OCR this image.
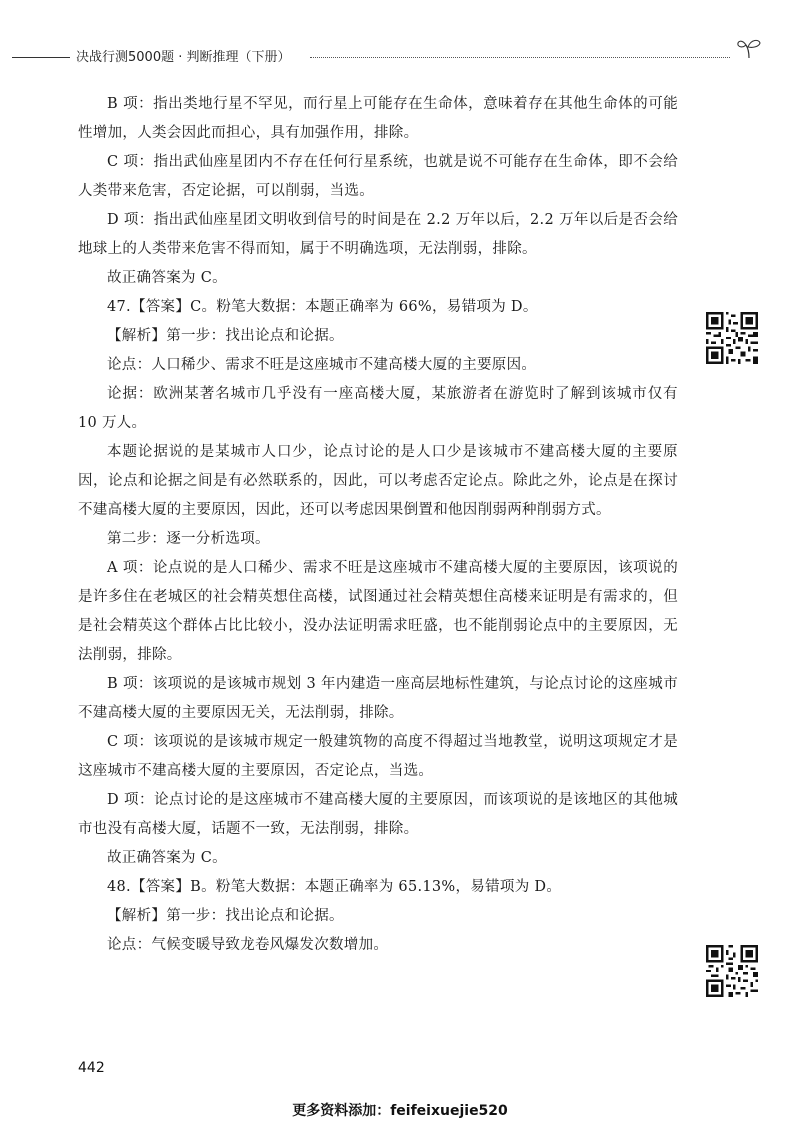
决战行测5000题 · 判断推理（下册）

B 项：指出类地行星不罕见，而行星上可能存在生命体，意味着存在其他生命体的可能性增加，人类会因此而担心，具有加强作用，排除。

C 项：指出武仙座星团内不存在任何行星系统，也就是说不可能存在生命体，即不会给人类带来危害，否定论据，可以削弱，当选。

D 项：指出武仙座星团文明收到信号的时间是在 2.2 万年以后，2.2 万年以后是否会给地球上的人类带来危害不得而知，属于不明确选项，无法削弱，排除。

故正确答案为 C。

47.【答案】C。粉笔大数据：本题正确率为 66%，易错项为 D。

【解析】第一步：找出论点和论据。

论点：人口稀少、需求不旺是这座城市不建高楼大厦的主要原因。

论据：欧洲某著名城市几乎没有一座高楼大厦，某旅游者在游览时了解到该城市仅有 10 万人。

本题论据说的是某城市人口少，论点讨论的是人口少是该城市不建高楼大厦的主要原因，论点和论据之间是有必然联系的，因此，可以考虑否定论点。除此之外，论点是在探讨不建高楼大厦的主要原因，因此，还可以考虑因果倒置和他因削弱两种削弱方式。

第二步：逐一分析选项。

A 项：论点说的是人口稀少、需求不旺是这座城市不建高楼大厦的主要原因，该项说的是许多住在老城区的社会精英想住高楼，试图通过社会精英想住高楼来证明是有需求的，但是社会精英这个群体占比比较小，没办法证明需求旺盛，也不能削弱论点中的主要原因，无法削弱，排除。

B 项：该项说的是该城市规划 3 年内建造一座高层地标性建筑，与论点讨论的这座城市不建高楼大厦的主要原因无关，无法削弱，排除。

C 项：该项说的是该城市规定一般建筑物的高度不得超过当地教堂，说明这项规定才是这座城市不建高楼大厦的主要原因，否定论点，当选。

D 项：论点讨论的是这座城市不建高楼大厦的主要原因，而该项说的是该地区的其他城市也没有高楼大厦，话题不一致，无法削弱，排除。

故正确答案为 C。

48.【答案】B。粉笔大数据：本题正确率为 65.13%，易错项为 D。

【解析】第一步：找出论点和论据。

论点：气候变暖导致龙卷风爆发次数增加。

442
更多资料添加：feifeixuejie520
